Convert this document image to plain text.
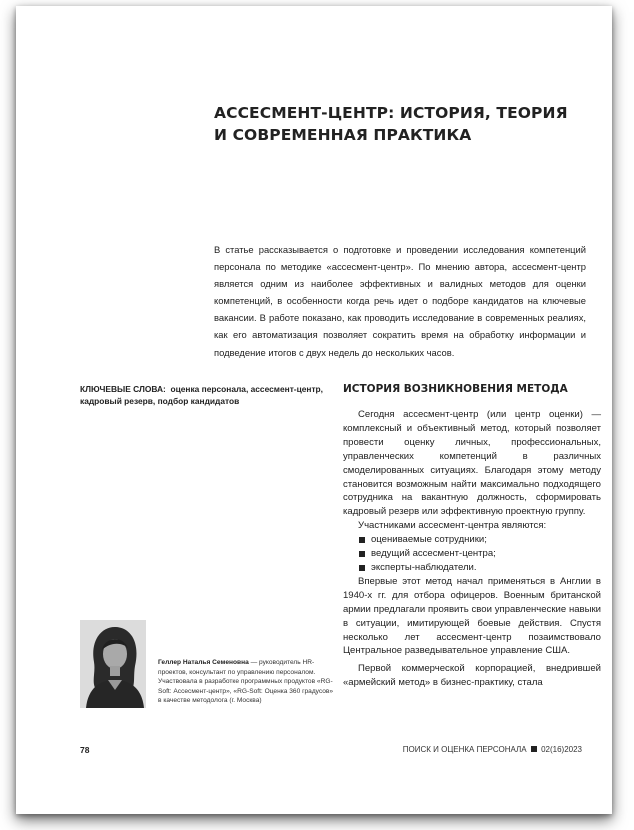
АССЕСМЕНТ-ЦЕНТР: ИСТОРИЯ, ТЕОРИЯ
И СОВРЕМЕННАЯ ПРАКТИКА

В статье рассказывается о подготовке и проведении исследования компетенций персонала по методике «ассесмент-центр». По мнению автора, ассесмент-центр является одним из наиболее эффективных и валидных методов для оценки компетенций, в особенности когда речь идет о подборе кандидатов на ключевые вакансии. В работе показано, как проводить исследование в современных реалиях, как его автоматизация позволяет сократить время на обработку информации и подведение итогов с двух недель до нескольких часов.

КЛЮЧЕВЫЕ СЛОВА: оценка персонала, ассесмент-центр, кадровый резерв, подбор кандидатов

ИСТОРИЯ ВОЗНИКНОВЕНИЯ МЕТОДА

Сегодня ассесмент-центр (или центр оценки) — комплексный и объективный метод, который позволяет провести оценку личных, профессиональных, управленческих компетенций в различных смоделированных ситуациях. Благодаря этому методу становится возможным найти максимально подходящего сотрудника на вакантную должность, сформировать кадровый резерв или эффективную проектную группу.

Участниками ассесмент-центра являются:

оцениваемые сотрудники;
ведущий ассесмент-центра;
эксперты-наблюдатели.

Впервые этот метод начал применяться в Англии в 1940-х гг. для отбора офицеров. Военным британской армии предлагали проявить свои управленческие навыки в ситуации, имитирующей боевые действия. Спустя несколько лет ассесмент-центр позаимствовало Центральное разведывательное управление США.

Первой коммерческой корпорацией, внедрившей «армейский метод» в бизнес-практику, стала

Геллер Наталья Семеновна — руководитель HR-проектов, консультант по управлению персоналом. Участвовала в разработке программных продуктов «RG-Soft: Ассесмент-центр», «RG-Soft: Оценка 360 градусов» в качестве методолога (г. Москва)

78	ПОИСК И ОЦЕНКА ПЕРСОНАЛА 02(16)2023
